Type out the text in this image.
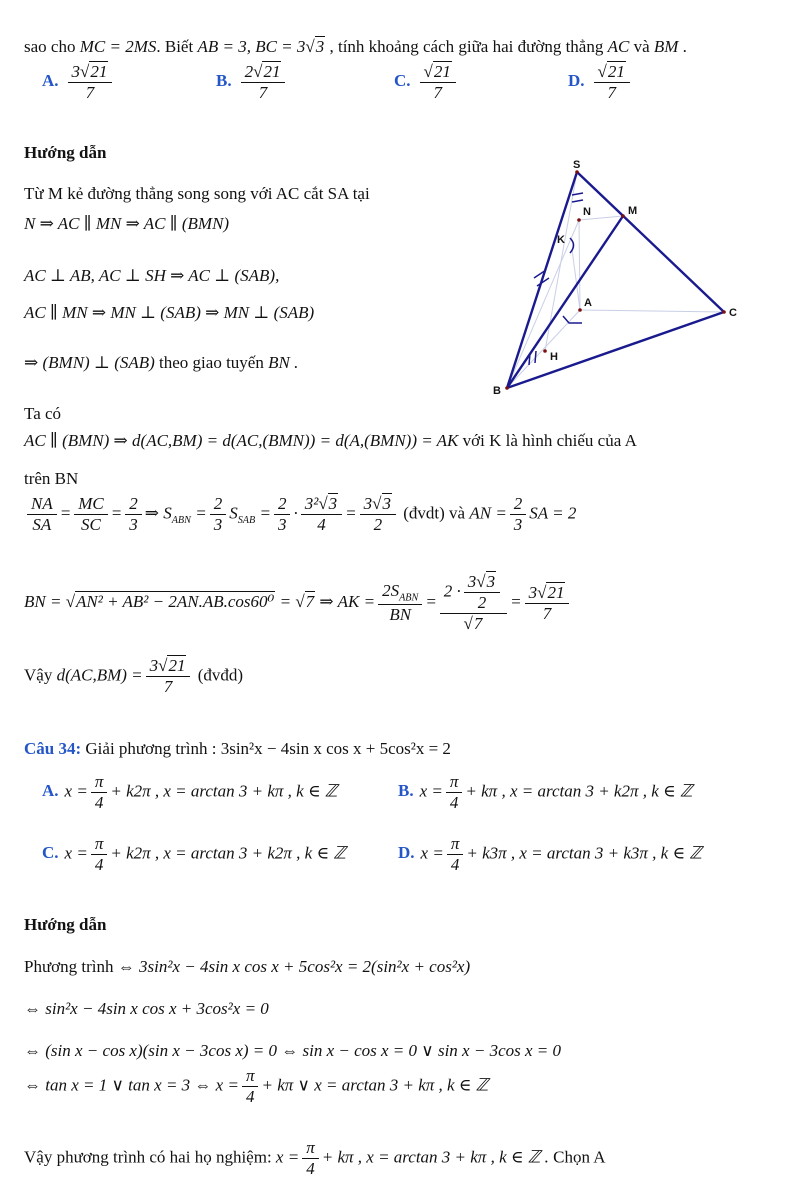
sao cho MC = 2MS. Biết AB = 3, BC = 3√3 , tính khoảng cách giữa hai đường thẳng AC và BM .

A. $\frac{3√21}{7}$	B. $\frac{2√21}{7}$	C. $\frac{√21}{7}$	D. $\frac{√21}{7}$

Hướng dẫn

Từ M kẻ đường thẳng song song với AC cắt SA tại

N ⇒ AC ∥ MN ⇒ AC ∥ (BMN)

AC ⊥ AB, AC ⊥ SH ⇒ AC ⊥ (SAB),

AC ∥ MN ⇒ MN ⊥ (SAB) ⇒ MN ⊥ (SAB)

⇒ (BMN) ⊥ (SAB) theo giao tuyến BN .

Ta có

AC ∥ (BMN) ⇒ d(AC,BM) = d(AC,(BMN)) = d(A,(BMN)) = AK với K là hình chiếu của A

trên BN

$\frac{NA}{SA} = \frac{MC}{SC} = \frac{2}{3}$ ⇒ $S_{ABN} = \frac{2}{3} S_{SAB} = \frac{2}{3} \cdot \frac{\text{3²√3}}{4} = \frac{3√3}{2}$ (đvdt) và AN = $\frac{2}{3}$ SA = 2
BN = √AN² + AB² − 2AN.AB.cos60⁰ = √7 ⇒ AK = $\frac{2S_{ABN}}{BN} = \frac{2 \cdot \frac{3√3}{2}}{√7} = \frac{3√21}{7}$
Vậy $d(AC,BM) = \frac{3√21}{7}$ (đvđd)

Câu 34: Giải phương trình : 3sin²x − 4sin x cos x + 5cos²x = 2

A. $x = \frac{\pi}{4} + k2\pi$ , x = arctan 3 + kπ , k ∈ ℤ	B. $x = \frac{\pi}{4} + k\pi$ , x = arctan 3 + k2π , k ∈ ℤ
C. $x = \frac{\pi}{4} + k2\pi$ , x = arctan 3 + k2π , k ∈ ℤ	D. $x = \frac{\pi}{4} + k3\pi$ , x = arctan 3 + k3π , k ∈ ℤ

Hướng dẫn

Phương trình ⇔ 3sin²x − 4sin x cos x + 5cos²x = 2(sin²x + cos²x)

⇔ sin²x − 4sin x cos x + 3cos²x = 0

⇔ (sin x − cos x)(sin x − 3cos x) = 0 ⇔ sin x − cos x = 0 ∨ sin x − 3cos x = 0

⇔ tan x = 1 ∨ tan x = 3 ⇔ $x = \frac{\pi}{4} + k\pi$ ∨ x = arctan 3 + kπ , k ∈ ℤ
Vậy phương trình có hai họ nghiệm: $x = \frac{\pi}{4} + k\pi$ , x = arctan 3 + kπ , k ∈ ℤ . Chọn A
S
M
N
K
A
C
H
B
